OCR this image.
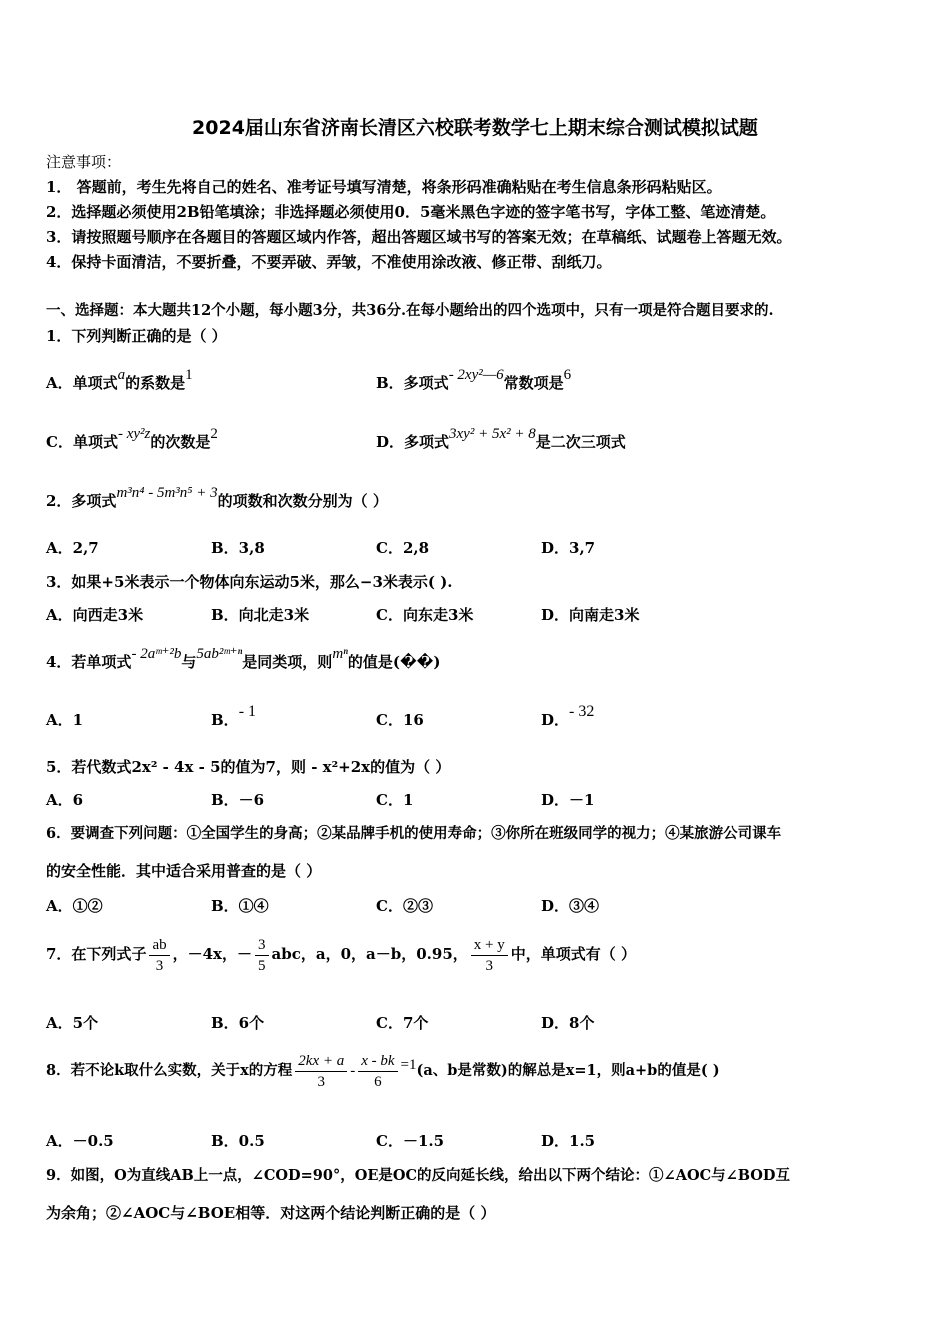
2024届山东省济南长清区六校联考数学七上期末综合测试模拟试题
注意事项：
1． 答题前，考生先将自己的姓名、准考证号填写清楚，将条形码准确粘贴在考生信息条形码粘贴区。
2．选择题必须使用2B铅笔填涂；非选择题必须使用0．5毫米黑色字迹的签字笔书写，字体工整、笔迹清楚。
3．请按照题号顺序在各题目的答题区域内作答，超出答题区域书写的答案无效；在草稿纸、试题卷上答题无效。
4．保持卡面清洁，不要折叠，不要弄破、弄皱，不准使用涂改液、修正带、刮纸刀。
一、选择题：本大题共12个小题，每小题3分，共36分.在每小题给出的四个选项中，只有一项是符合题目要求的.
1．下列判断正确的是（ ）
A．单项式a的系数是1	B．多项式- 2xy²—6常数项是6
C．单项式- xy²z的次数是2	D．多项式3xy² + 5x² + 8是二次三项式
2．多项式m³n⁴ - 5m³n⁵ + 3的项数和次数分别为（ ）
A．2,7	B．3,8	C．2,8	D．3,7
3．如果+5米表示一个物体向东运动5米，那么−3米表示( ).
A．向西走3米	B．向北走3米	C．向东走3米	D．向南走3米
4．若单项式- 2aᵐ⁺²b与5ab²ᵐ⁺ⁿ是同类项，则mⁿ的值是(��)
A．1	B．- 1	C．16	D．- 32
5．若代数式2x² - 4x - 5的值为7，则 - x²+2x的值为（ ）
A．6	B．－6	C．1	D．－1
6．要调查下列问题：①全国学生的身高；②某品牌手机的使用寿命；③你所在班级同学的视力；④某旅游公司课车
的安全性能．其中适合采用普查的是（ ）
A．①②	B．①④	C．②③	D．③④
7．在下列式子 $\frac{ab}{3}$ ，－4x，－ $\frac{3}{5}$ abc，a，0，a－b，0.95， $\frac{x + y}{3}$ 中，单项式有（ ）
A．5个	B．6个	C．7个	D．8个
8．若不论k取什么实数，关于x的方程 $\frac{2kx + a}{3} - \frac{x - bk}{6} =1(a$、b是常数)的解总是x=1，则a+b的值是( )
A．－0.5	B．0.5	C．－1.5	D．1.5
9．如图，O为直线AB上一点，∠COD=90°，OE是OC的反向延长线，给出以下两个结论：①∠AOC与∠BOD互
为余角；②∠AOC与∠BOE相等．对这两个结论判断正确的是（ ）
